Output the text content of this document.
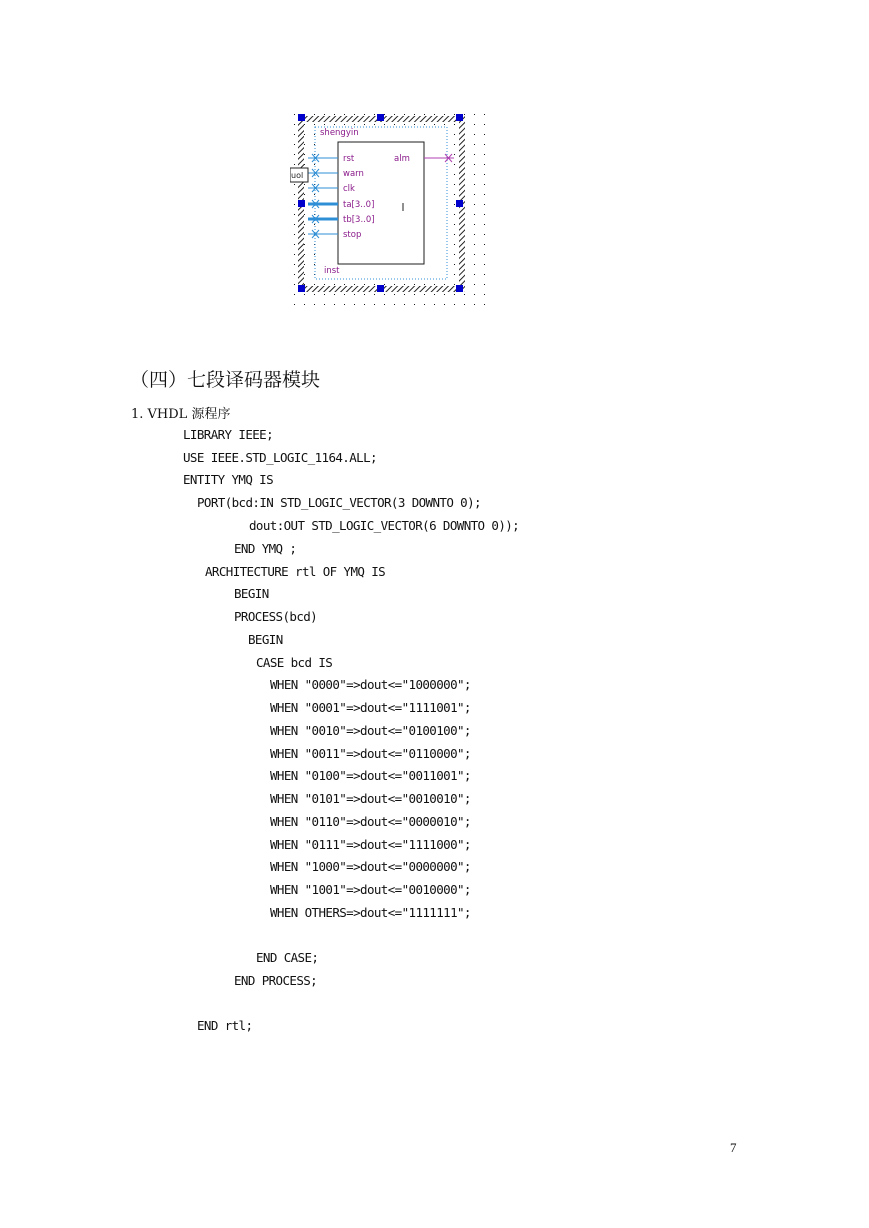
shengyin
inst
uol
rst
warn
clk
ta[3..0]
tb[3..0]
stop
alm
（四）七段译码器模块
1. VHDL 源程序
LIBRARY IEEE;
USE IEEE.STD_LOGIC_1164.ALL;
ENTITY YMQ IS
PORT(bcd:IN STD_LOGIC_VECTOR(3 DOWNTO 0);
dout:OUT STD_LOGIC_VECTOR(6 DOWNTO 0));
END YMQ ;
ARCHITECTURE rtl OF YMQ IS
BEGIN
PROCESS(bcd)
BEGIN
CASE bcd IS
WHEN "0000"=>dout<="1000000";
WHEN "0001"=>dout<="1111001";
WHEN "0010"=>dout<="0100100";
WHEN "0011"=>dout<="0110000";
WHEN "0100"=>dout<="0011001";
WHEN "0101"=>dout<="0010010";
WHEN "0110"=>dout<="0000010";
WHEN "0111"=>dout<="1111000";
WHEN "1000"=>dout<="0000000";
WHEN "1001"=>dout<="0010000";
WHEN OTHERS=>dout<="1111111";
END CASE;
END PROCESS;
END rtl;
7
